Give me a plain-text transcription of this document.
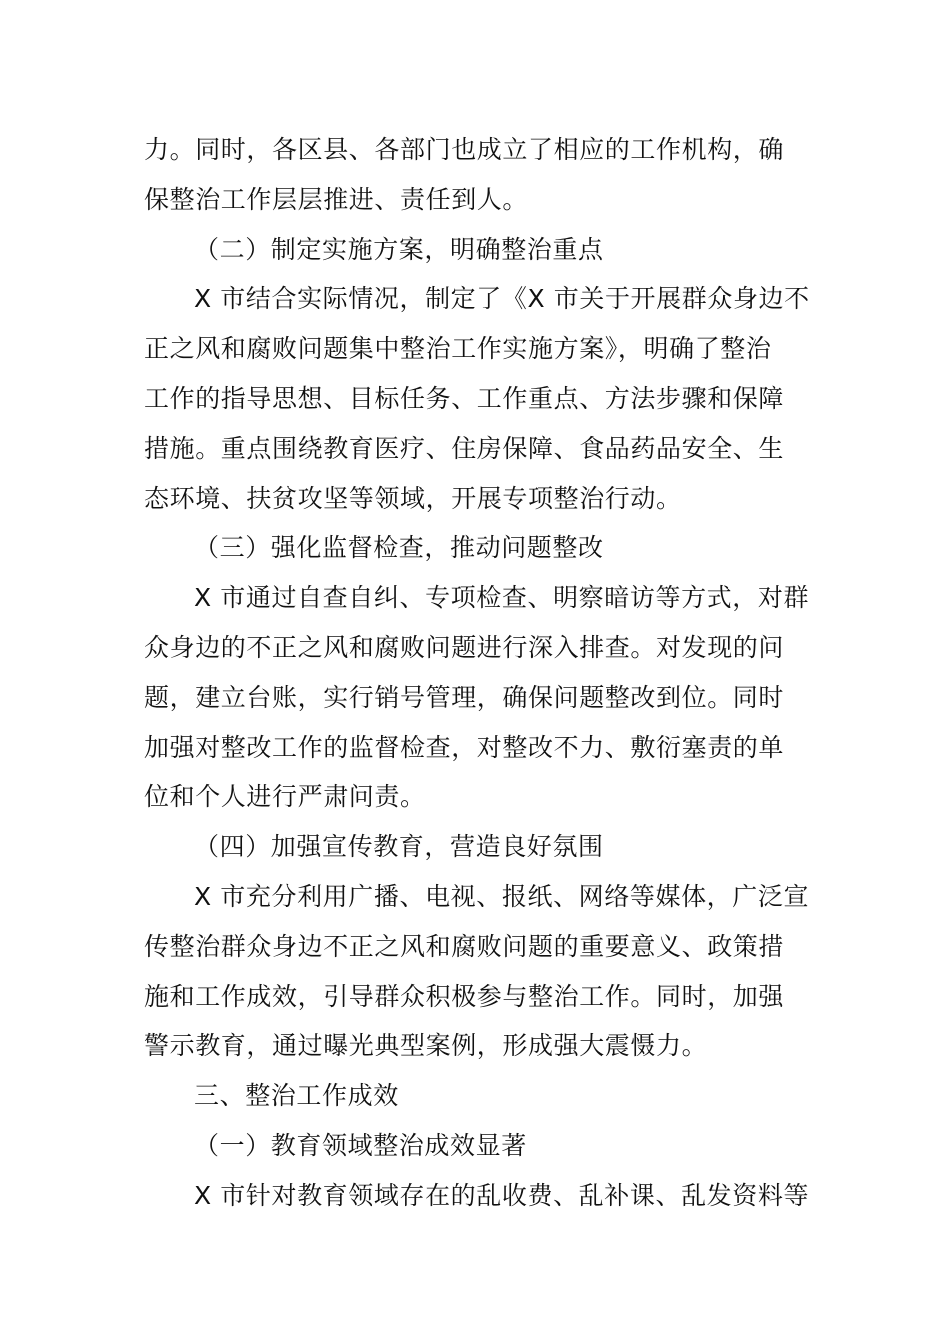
力。同时，各区县、各部门也成立了相应的工作机构，确
保整治工作层层推进、责任到人。
（二）制定实施方案，明确整治重点
X 市结合实际情况，制定了《X 市关于开展群众身边不
正之风和腐败问题集中整治工作实施方案》，明确了整治
工作的指导思想、目标任务、工作重点、方法步骤和保障
措施。重点围绕教育医疗、住房保障、食品药品安全、生
态环境、扶贫攻坚等领域，开展专项整治行动。
（三）强化监督检查，推动问题整改
X 市通过自查自纠、专项检查、明察暗访等方式，对群
众身边的不正之风和腐败问题进行深入排查。对发现的问
题，建立台账，实行销号管理，确保问题整改到位。同时
加强对整改工作的监督检查，对整改不力、敷衍塞责的单
位和个人进行严肃问责。
（四）加强宣传教育，营造良好氛围
X 市充分利用广播、电视、报纸、网络等媒体，广泛宣
传整治群众身边不正之风和腐败问题的重要意义、政策措
施和工作成效，引导群众积极参与整治工作。同时，加强
警示教育，通过曝光典型案例，形成强大震慑力。
三、整治工作成效
（一）教育领域整治成效显著
X 市针对教育领域存在的乱收费、乱补课、乱发资料等
